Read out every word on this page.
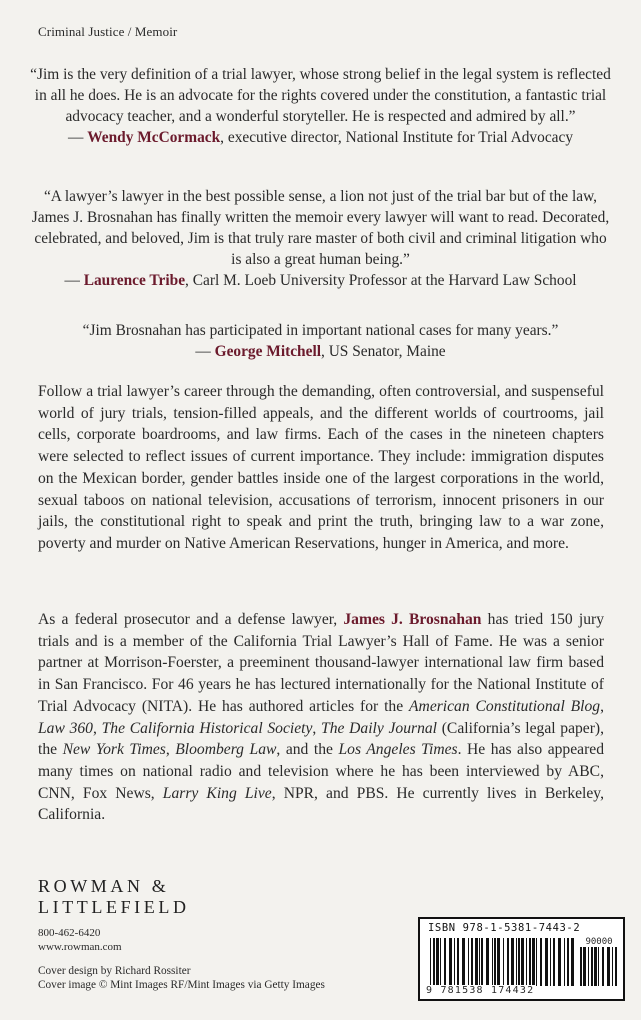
Criminal Justice / Memoir

“Jim is the very definition of a trial lawyer, whose strong belief in the legal system is reflected in all he does. He is an advocate for the rights covered under the constitution, a fantastic trial advocacy teacher, and a wonderful storyteller. He is respected and admired by all.”

— Wendy McCormack, executive director, National Institute for Trial Advocacy

“A lawyer’s lawyer in the best possible sense, a lion not just of the trial bar but of the law, James J. Brosnahan has finally written the memoir every lawyer will want to read. Decorated, celebrated, and beloved, Jim is that truly rare master of both civil and criminal litigation who is also a great human being.”

— Laurence Tribe, Carl M. Loeb University Professor at the Harvard Law School

“Jim Brosnahan has participated in important national cases for many years.”

— George Mitchell, US Senator, Maine

Follow a trial lawyer’s career through the demanding, often controversial, and suspenseful world of jury trials, tension-filled appeals, and the different worlds of courtrooms, jail cells, corporate boardrooms, and law firms. Each of the cases in the nineteen chapters were selected to reflect issues of current importance. They include: immigration disputes on the Mexican border, gender battles inside one of the largest corporations in the world, sexual taboos on national television, accusations of terrorism, innocent prisoners in our jails, the constitutional right to speak and print the truth, bringing law to a war zone, poverty and murder on Native American Reservations, hunger in America, and more.

As a federal prosecutor and a defense lawyer, James J. Brosnahan has tried 150 jury trials and is a member of the California Trial Lawyer’s Hall of Fame. He was a senior partner at Morrison-Foerster, a preeminent thousand-lawyer international law firm based in San Francisco. For 46 years he has lectured internationally for the National Institute of Trial Advocacy (NITA). He has authored articles for the American Constitutional Blog, Law 360, The California Historical Society, The Daily Journal (California’s legal paper), the New York Times, Bloomberg Law, and the Los Angeles Times. He has also appeared many times on national radio and television where he has been interviewed by ABC, CNN, Fox News, Larry King Live, NPR, and PBS. He currently lives in Berkeley, California.

ROWMAN &
LITTLEFIELD
800-462-6420
www.rowman.com
Cover design by Richard Rossiter
Cover image © Mint Images RF/Mint Images via Getty Images
ISBN 978-1-5381-7443-2
90000
9 781538 174432
